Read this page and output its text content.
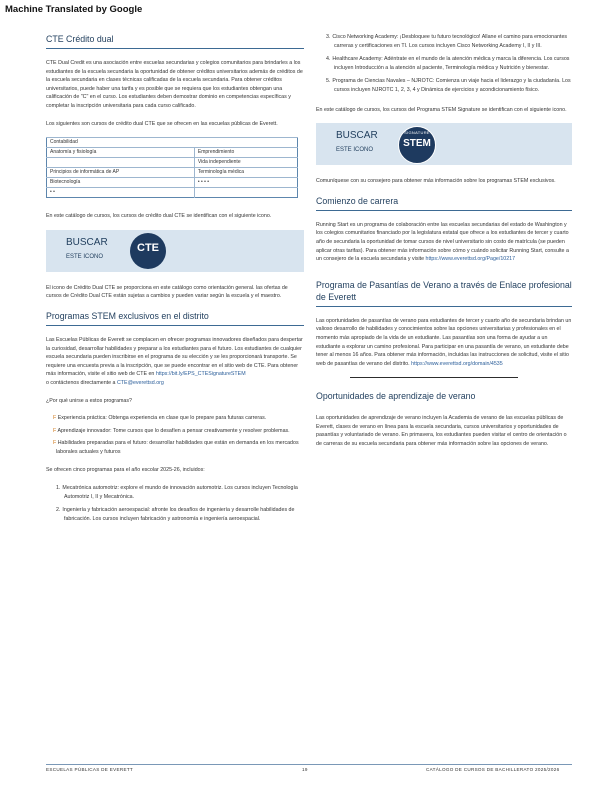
Machine Translated by Google
CTE Crédito dual

CTE Dual Credit es una asociación entre escuelas secundarias y colegios comunitarios para brindarles a los estudiantes de la escuela secundaria la oportunidad de obtener créditos universitarios además de créditos de la escuela secundaria en clases técnicas calificadas de la escuela secundaria. Para obtener créditos universitarios, puede haber una tarifa y es posible que se requiera que los estudiantes obtengan una calificación de "C" en el curso. Los estudiantes deben demostrar dominio en competencias específicas y completar la inscripción universitaria para cada curso calificado.

Los siguientes son cursos de crédito dual CTE que se ofrecen en las escuelas públicas de Everett.

Contabilidad	
Anatomía y fisiología	Emprendimiento
	Vida independiente
Principios de informática de AP	Terminología médica
Biotecnología	• • • •
• •	

En este catálogo de cursos, los cursos de crédito dual CTE se identifican con el siguiente icono.

BUSCAR
ESTE ICONO
CTE

El icono de Crédito Dual CTE se proporciona en este catálogo como orientación general. las ofertas de cursos de Crédito Dual CTE están sujetas a cambios y pueden variar según la escuela y el maestro.

Programas STEM exclusivos en el distrito

Las Escuelas Públicas de Everett se complacen en ofrecer programas innovadores diseñados para despertar la curiosidad, desarrollar habilidades y preparar a los estudiantes para el futuro. Los estudiantes de cualquier escuela secundaria pueden inscribirse en el programa de su elección y se les proporcionará transporte. Se requiere una encuesta previa a la inscripción, que se puede encontrar en el sitio web de CTE. Para obtener más información, visite el sitio web de CTE en https://bit.ly/EPS_CTESignatureSTEM
o contáctenos directamente a CTE@everettsd.org

¿Por qué unirse a estos programas?

F Experiencia práctica: Obtenga experiencia en clase que lo prepare para futuras carreras.
F Aprendizaje innovador: Tome cursos que lo desafíen a pensar creativamente y resolver problemas.
F Habilidades preparadas para el futuro: desarrollar habilidades que están en demanda en los mercados laborales actuales y futuros

Se ofrecen cinco programas para el año escolar 2025-26, incluidos:

1. Mecatrónica automotriz: explore el mundo de innovación automotriz. Los cursos incluyen Tecnología Automotriz I, II y Mecatrónica.
2. Ingeniería y fabricación aeroespacial: afronte los desafíos de ingeniería y desarrolle habilidades de fabricación. Los cursos incluyen fabricación y astronomía e ingeniería aeroespacial.
3. Cisco Networking Academy: ¡Desbloquee tu futuro tecnológico! Allane el camino para emocionantes carreras y certificaciones en TI. Los cursos incluyen Cisco Networking Academy I, II y III.
4. Healthcare Academy: Adéntrate en el mundo de la atención médica y marca la diferencia. Los cursos incluyen Introducción a la atención al paciente, Terminología médica y Nutrición y bienestar.
5. Programa de Ciencias Navales – NJROTC: Comienza un viaje hacia el liderazgo y la ciudadanía. Los cursos incluyen NJROTC 1, 2, 3, 4 y Dinámica de ejercicios y acondicionamiento físico.

En este catálogo de cursos, los cursos del Programa STEM Signature se identifican con el siguiente icono.

BUSCAR
ESTE ICONO
SIGNATURE
STEM

Comuníquese con su consejero para obtener más información sobre los programas STEM exclusivos.

Comienzo de carrera

Running Start es un programa de colaboración entre las escuelas secundarias del estado de Washington y los colegios comunitarios financiado por la legislatura estatal que ofrece a los estudiantes de tercer y cuarto año de secundaria la oportunidad de tomar cursos de nivel universitario sin costo de matrícula (se pueden aplicar otras tarifas). Para obtener más información sobre cómo y cuándo solicitar Running Start, consulte a un consejero de la escuela secundaria y visite https://www.everettsd.org/Page/10217

Programa de Pasantías de Verano a través de Enlace profesional de Everett

Las oportunidades de pasantías de verano para estudiantes de tercer y cuarto año de secundaria brindan un valioso desarrollo de habilidades y conocimientos sobre las opciones universitarias y profesionales en el momento más apropiado de la vida de un estudiante. Las pasantías son una forma de ayudar a un estudiante a explorar un camino profesional. Para participar en una pasantía de verano, un estudiante debe tener al menos 16 años. Para obtener más información, incluidas las instrucciones de solicitud, visite el sitio web de pasantías de verano del distrito. https://www.everettsd.org/domain/4535

Oportunidades de aprendizaje de verano

Las oportunidades de aprendizaje de verano incluyen la Academia de verano de las escuelas públicas de Everett, clases de verano en línea para la escuela secundaria, cursos universitarios y oportunidades de pasantías y voluntariado de verano. En primavera, los estudiantes pueden visitar el centro de orientación o de carreras de su escuela secundaria para obtener más información sobre las opciones de verano.

ESCUELAS PÚBLICAS DE EVERETT	19	CATÁLOGO DE CURSOS DE BACHILLERATO 2025/2026
